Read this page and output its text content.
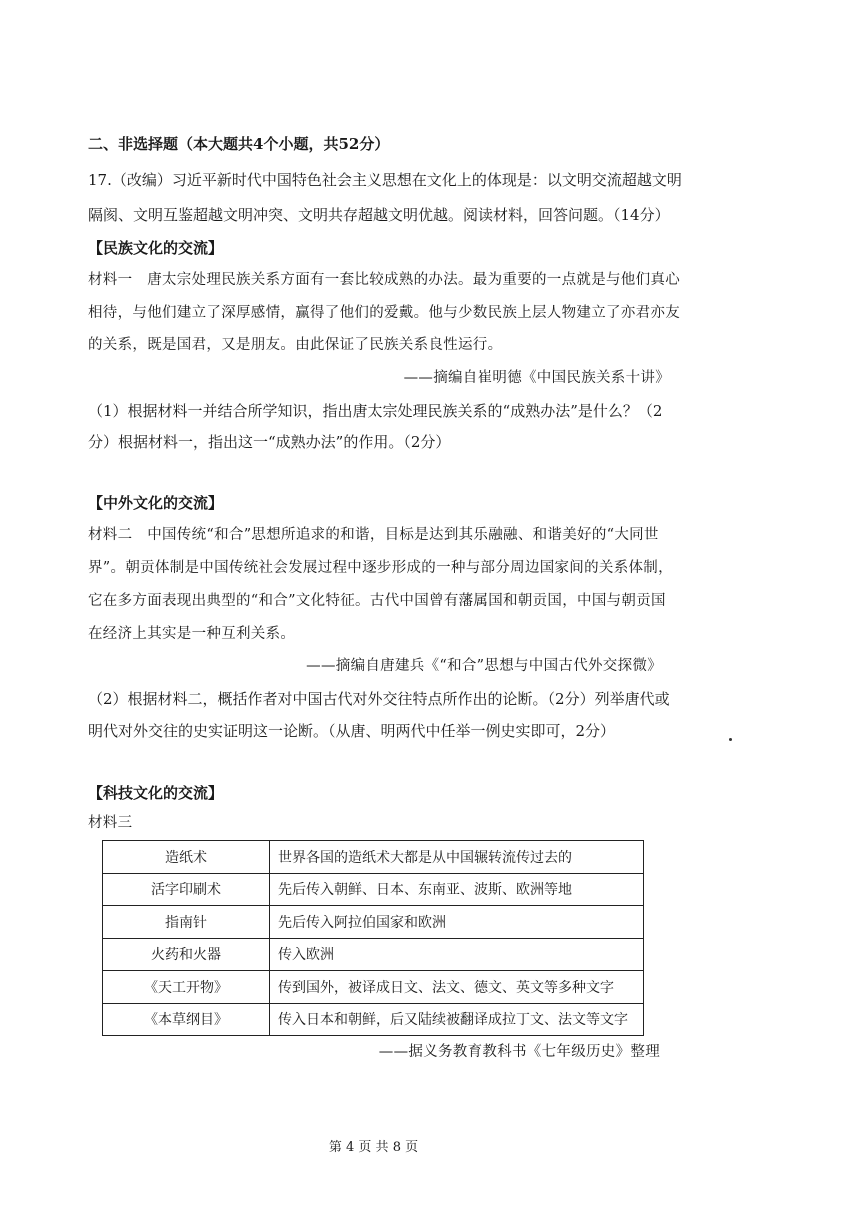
二、非选择题（本大题共4个小题，共52分）
17.（改编）习近平新时代中国特色社会主义思想在文化上的体现是：以文明交流超越文明
隔阂、文明互鉴超越文明冲突、文明共存超越文明优越。阅读材料，回答问题。（14分）
【民族文化的交流】
材料一　唐太宗处理民族关系方面有一套比较成熟的办法。最为重要的一点就是与他们真心
相待，与他们建立了深厚感情，赢得了他们的爱戴。他与少数民族上层人物建立了亦君亦友
的关系，既是国君，又是朋友。由此保证了民族关系良性运行。
——摘编自崔明德《中国民族关系十讲》
（1）根据材料一并结合所学知识，指出唐太宗处理民族关系的“成熟办法”是什么？（2
分）根据材料一，指出这一“成熟办法”的作用。（2分）
【中外文化的交流】
材料二　中国传统“和合”思想所追求的和谐，目标是达到其乐融融、和谐美好的“大同世
界”。朝贡体制是中国传统社会发展过程中逐步形成的一种与部分周边国家间的关系体制，
它在多方面表现出典型的“和合”文化特征。古代中国曾有藩属国和朝贡国，中国与朝贡国
在经济上其实是一种互利关系。
——摘编自唐建兵《“和合”思想与中国古代外交探微》
（2）根据材料二，概括作者对中国古代对外交往特点所作出的论断。（2分）列举唐代或
明代对外交往的史实证明这一论断。（从唐、明两代中任举一例史实即可，2分）
【科技文化的交流】
材料三
造纸术	世界各国的造纸术大都是从中国辗转流传过去的
活字印刷术	先后传入朝鲜、日本、东南亚、波斯、欧洲等地
指南针	先后传入阿拉伯国家和欧洲
火药和火器	传入欧洲
《天工开物》	传到国外，被译成日文、法文、德文、英文等多种文字
《本草纲目》	传入日本和朝鲜，后又陆续被翻译成拉丁文、法文等文字
——据义务教育教科书《七年级历史》整理
第 4 页 共 8 页
